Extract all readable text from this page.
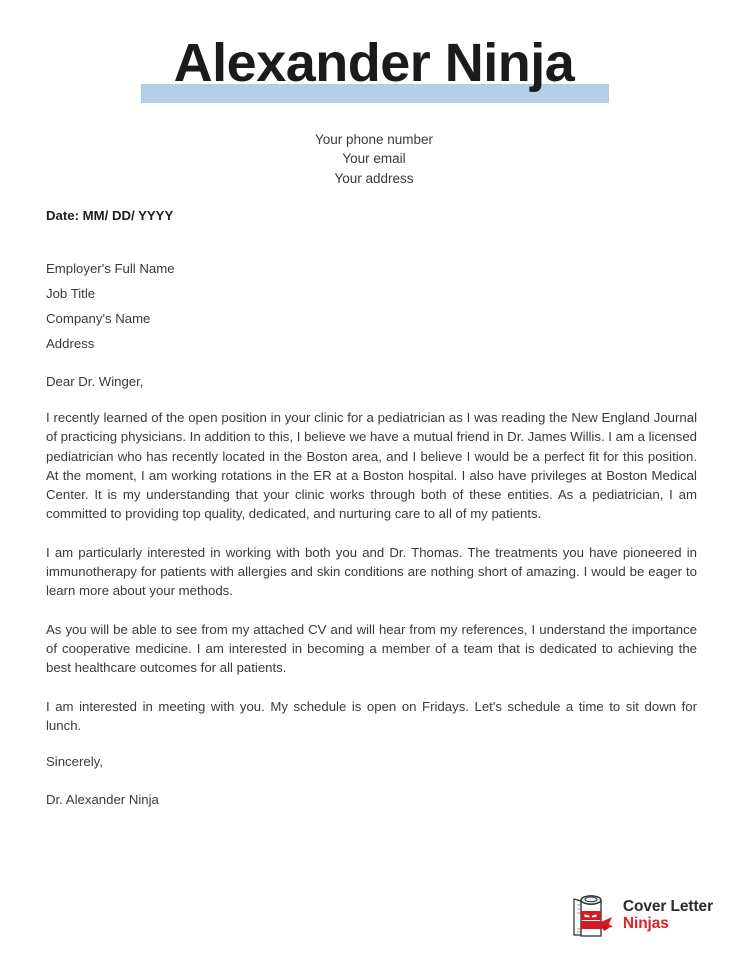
Alexander Ninja
Your phone number
Your email
Your address
Date: MM/ DD/ YYYY
Employer's Full Name
Job Title
Company's Name
Address
Dear Dr. Winger,

I recently learned of the open position in your clinic for a pediatrician as I was reading the New England Journal of practicing physicians. In addition to this, I believe we have a mutual friend in Dr. James Willis. I am a licensed pediatrician who has recently located in the Boston area, and I believe I would be a perfect fit for this position. At the moment, I am working rotations in the ER at a Boston hospital. I also have privileges at Boston Medical Center. It is my understanding that your clinic works through both of these entities. As a pediatrician, I am committed to providing top quality, dedicated, and nurturing care to all of my patients.

I am particularly interested in working with both you and Dr. Thomas. The treatments you have pioneered in immunotherapy for patients with allergies and skin conditions are nothing short of amazing. I would be eager to learn more about your methods.

As you will be able to see from my attached CV and will hear from my references, I understand the importance of cooperative medicine. I am interested in becoming a member of a team that is dedicated to achieving the best healthcare outcomes for all patients.

I am interested in meeting with you. My schedule is open on Fridays. Let's schedule a time to sit down for lunch.

Sincerely,

Dr. Alexander Ninja

Cover Letter
Ninjas
